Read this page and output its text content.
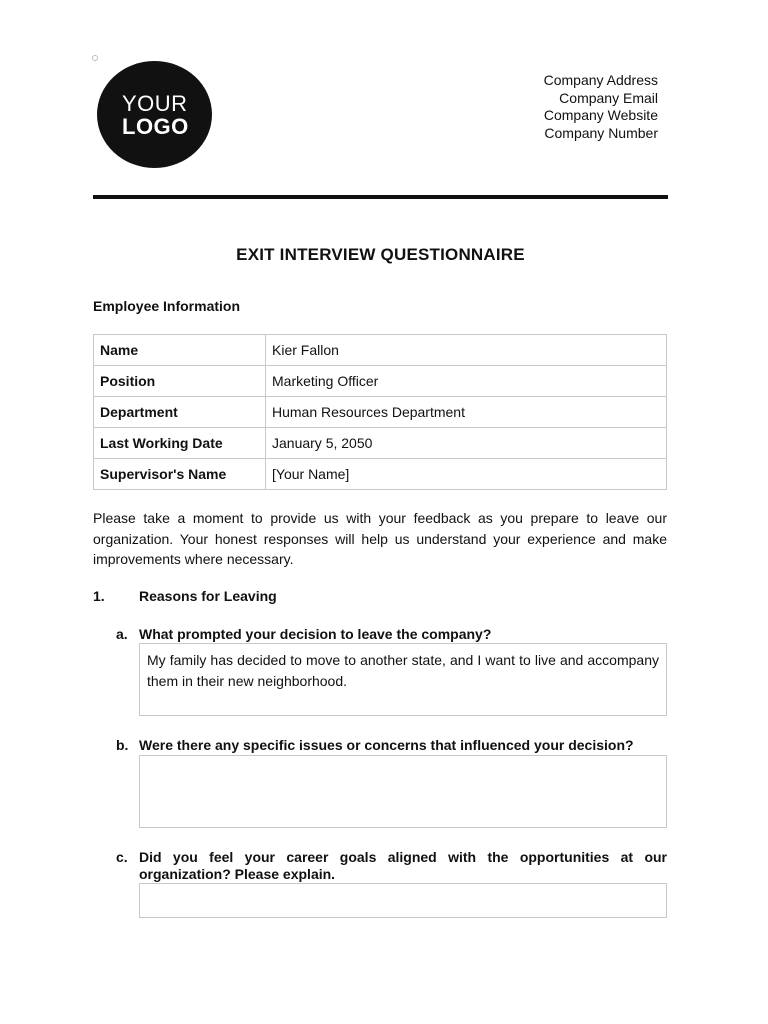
YOUR
LOGO
Company Address
Company Email
Company Website
Company Number
EXIT INTERVIEW QUESTIONNAIRE
Employee Information
Name	Kier Fallon
Position	Marketing Officer
Department	Human Resources Department
Last Working Date	January 5, 2050
Supervisor's Name	[Your Name]
Please take a moment to provide us with your feedback as you prepare to leave our organization. Your honest responses will help us understand your experience and make improvements where necessary.
1. Reasons for Leaving
a. What prompted your decision to leave the company?
My family has decided to move to another state, and I want to live and accompany them in their new neighborhood.
b. Were there any specific issues or concerns that influenced your decision?
c. Did you feel your career goals aligned with the opportunities at our organization? Please explain.
